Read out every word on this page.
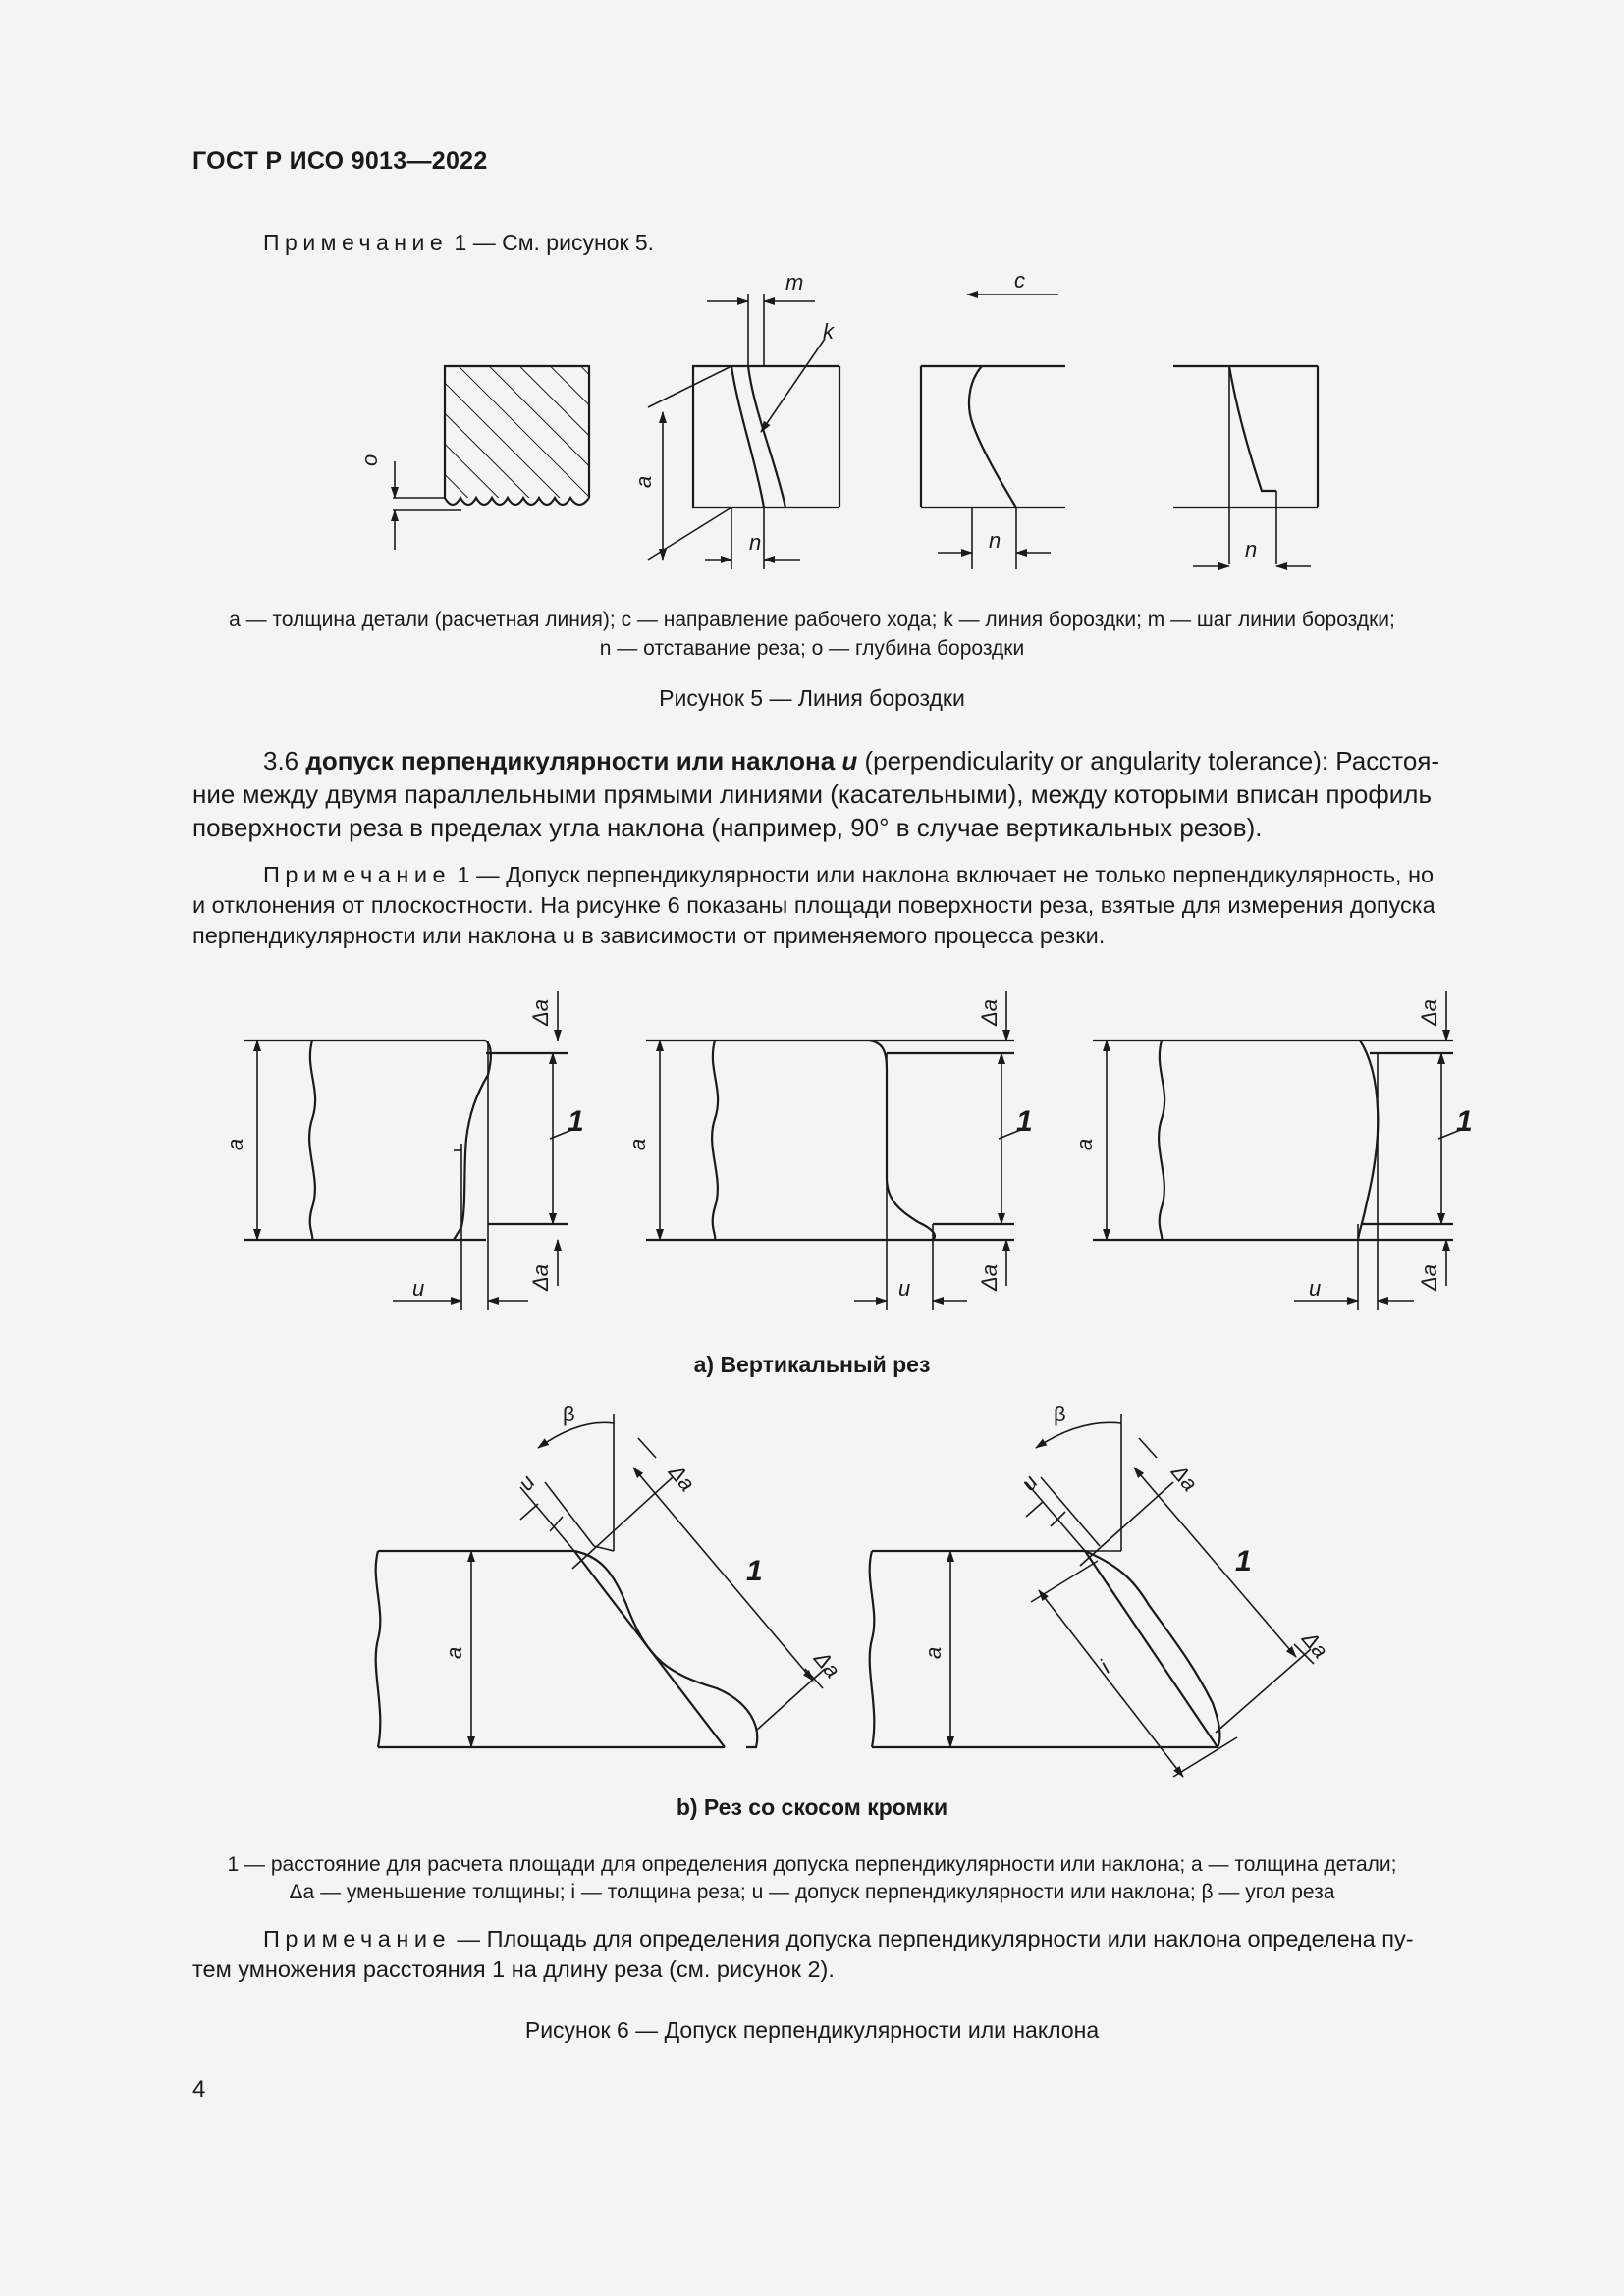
ГОСТ Р ИСО 9013—2022
Примечание 1 — См. рисунок 5.
o
a
m
k
c
n	n	n
a — толщина детали (расчетная линия); c — направление рабочего хода; k — линия бороздки; m — шаг линии бороздки;
n — отставание реза; o — глубина бороздки
Рисунок 5 — Линия бороздки
3.6 допуск перпендикулярности или наклона u (perpendicularity or angularity tolerance): Расстоя-
ние между двумя параллельными прямыми линиями (касательными), между которыми вписан профиль
поверхности реза в пределах угла наклона (например, 90° в случае вертикальных резов).
Примечание 1 — Допуск перпендикулярности или наклона включает не только перпендикулярность, но
и отклонения от плоскостности. На рисунке 6 показаны площади поверхности реза, взятые для измерения допуска
перпендикулярности или наклона u в зависимости от применяемого процесса резки.
a	a	a
Δa
Δa
Δa
Δa
Δa
Δa
1	1	1
u	u	u
а) Вертикальный рез
a	a
β	β
u	u
Δa
Δa
Δa
Δa
1	1
i
b) Рез со скосом кромки
1 — расстояние для расчета площади для определения допуска перпендикулярности или наклона; a — толщина детали;
Δa — уменьшение толщины; i — толщина реза; u — допуск перпендикулярности или наклона; β — угол реза
Примечание — Площадь для определения допуска перпендикулярности или наклона определена пу-
тем умножения расстояния 1 на длину реза (см. рисунок 2).
Рисунок 6 — Допуск перпендикулярности или наклона
4
